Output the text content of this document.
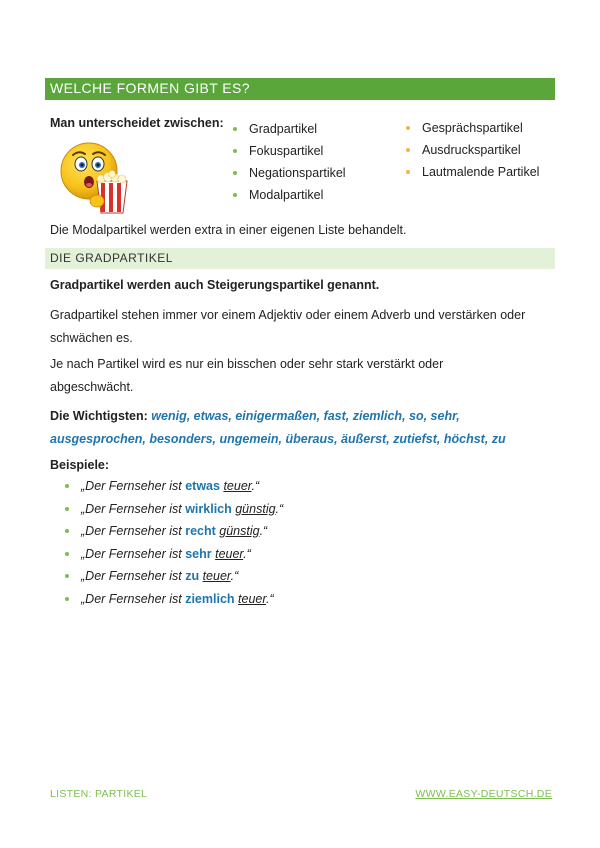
WELCHE FORMEN GIBT ES?
Man unterscheidet zwischen:	Gradpartikel
Fokuspartikel
Negationspartikel
Modalpartikel
Gesprächspartikel
Ausdruckspartikel
Lautmalende Partikel
Die Modalpartikel werden extra in einer eigenen Liste behandelt.
DIE GRADPARTIKEL
Gradpartikel werden auch Steigerungspartikel genannt.
Gradpartikel stehen immer vor einem Adjektiv oder einem Adverb und verstärken oder schwächen es.
Je nach Partikel wird es nur ein bisschen oder sehr stark verstärkt oder abgeschwächt.
Die Wichtigsten: wenig, etwas, einigermaßen, fast, ziemlich, so, sehr, ausgesprochen, besonders, ungemein, überaus, äußerst, zutiefst, höchst, zu
Beispiele:
„Der Fernseher ist etwas teuer.“
„Der Fernseher ist wirklich günstig.“
„Der Fernseher ist recht günstig.“
„Der Fernseher ist sehr teuer.“
„Der Fernseher ist zu teuer.“
„Der Fernseher ist ziemlich teuer.“
LISTEN: PARTIKEL	WWW.EASY-DEUTSCH.DE
